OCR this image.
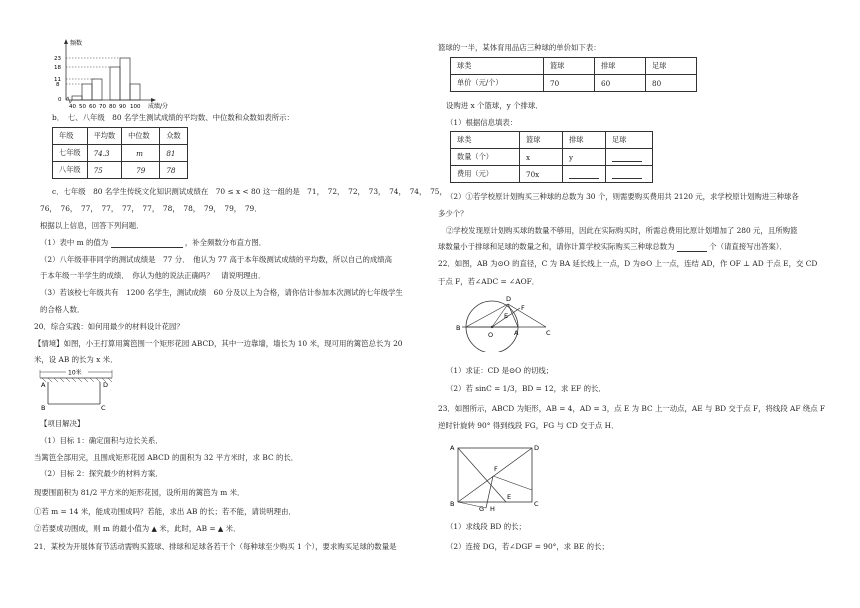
频数
成绩/分
23
18
11
8
0
40 50 60 70 80 90 100
b．　七、八年级　80 名学生测试成绩的平均数、中位数和众数如表所示：
年级	平均数	中位数	众数
七年级	74.3	m	81
八年级	75	79	78
c．七年级　80 名学生传统文化知识测试成绩在　70 ≤ x < 80 这一组的是　71，　72，　72，　73，　74，　74，　75，
76，　76，　77，　77，　77，　77，　78，　78，　79，　79，　79．
根据以上信息，回答下列问题．
（1）表中 m 的值为	，补全频数分布直方图．
（2）八年级菲菲同学的测试成绩是　77 分．　他认为 77 高于本年级测试成绩的平均数，所以自己的成绩高
于本年级一半学生的成绩．　你认为他的说法正确吗？　请说明理由．
（3）若该校七年级共有　1200 名学生，测试成绩　60 分及以上为合格，请你估计参加本次测试的七年级学生
的合格人数．
20．综合实践：如何用最少的材料设计花园？
【情境】如图，小王打算用篱笆围一个矩形花园 ABCD，其中一边靠墙，墙长为 10 米，现可用的篱笆总长为 20
米，设 AB 的长为 x 米．
10米
A
B	C
D
【项目解决】
（1）目标 1：确定面积与边长关系．
当篱笆全部用完，且围成矩形花园 ABCD 的面积为 32 平方米时，求 BC 的长．
（2）目标 2：探究最少的材料方案．
现要围面积为 81/2 平方米的矩形花园，设所用的篱笆为 m 米．
①若 m = 14 米，能成功围成吗？若能，求出 AB 的长；若不能，请说明理由．
②若要成功围成，则 m 的最小值为 ▲ 米，此时，AB = ▲ 米．
21．某校为开展体育节活动需购买篮球、排球和足球各若干个（每种球至少购买 1 个），要求购买足球的数量是
篮球的一半，某体育用品店三种球的单价如下表：
球类	篮球	排球	足球
单价（元/个）	70	60	80
设购进 x 个篮球，y 个排球．
（1）根据信息填表：
球类	篮球	排球	足球
数量（个）	x	y	
费用（元）	70x		
（2）①若学校原计划购买三种球的总数为 30 个，则需要购买费用共 2120 元，求学校原计划购进三种球各
多少个？
②学校发现原计划购买球的数量不够用，因此在实际购买时，所需总费用比原计划增加了 280 元，且所购篮
球数量小于排球和足球的数量之和，请你计算学校实际购买三种球总数为	个（请直接写出答案）．
22．如图，AB 为⊙O 的直径，C 为 BA 延长线上一点，D 为⊙O 上一点，连结 AD，作 OF ⊥ AD 于点 E，交 CD
于点 F，若∠ADC = ∠AOF．
B
O	A	C
D
E
F
（1）求证：CD 是⊙O 的切线；
（2）若 sinC = 1/3，BD = 12，求 EF 的长．
23．如图所示，ABCD 为矩形，AB = 4，AD = 3，点 E 为 BC 上一动点，AE 与 BD 交于点 F，将线段 AF 绕点 F
逆时针旋转 90° 得到线段 FG，FG 与 CD 交于点 H．
A	D
F
E
B
G H
C
（1）求线段 BD 的长；
（2）连接 DG，若∠DGF = 90°，求 BE 的长；
